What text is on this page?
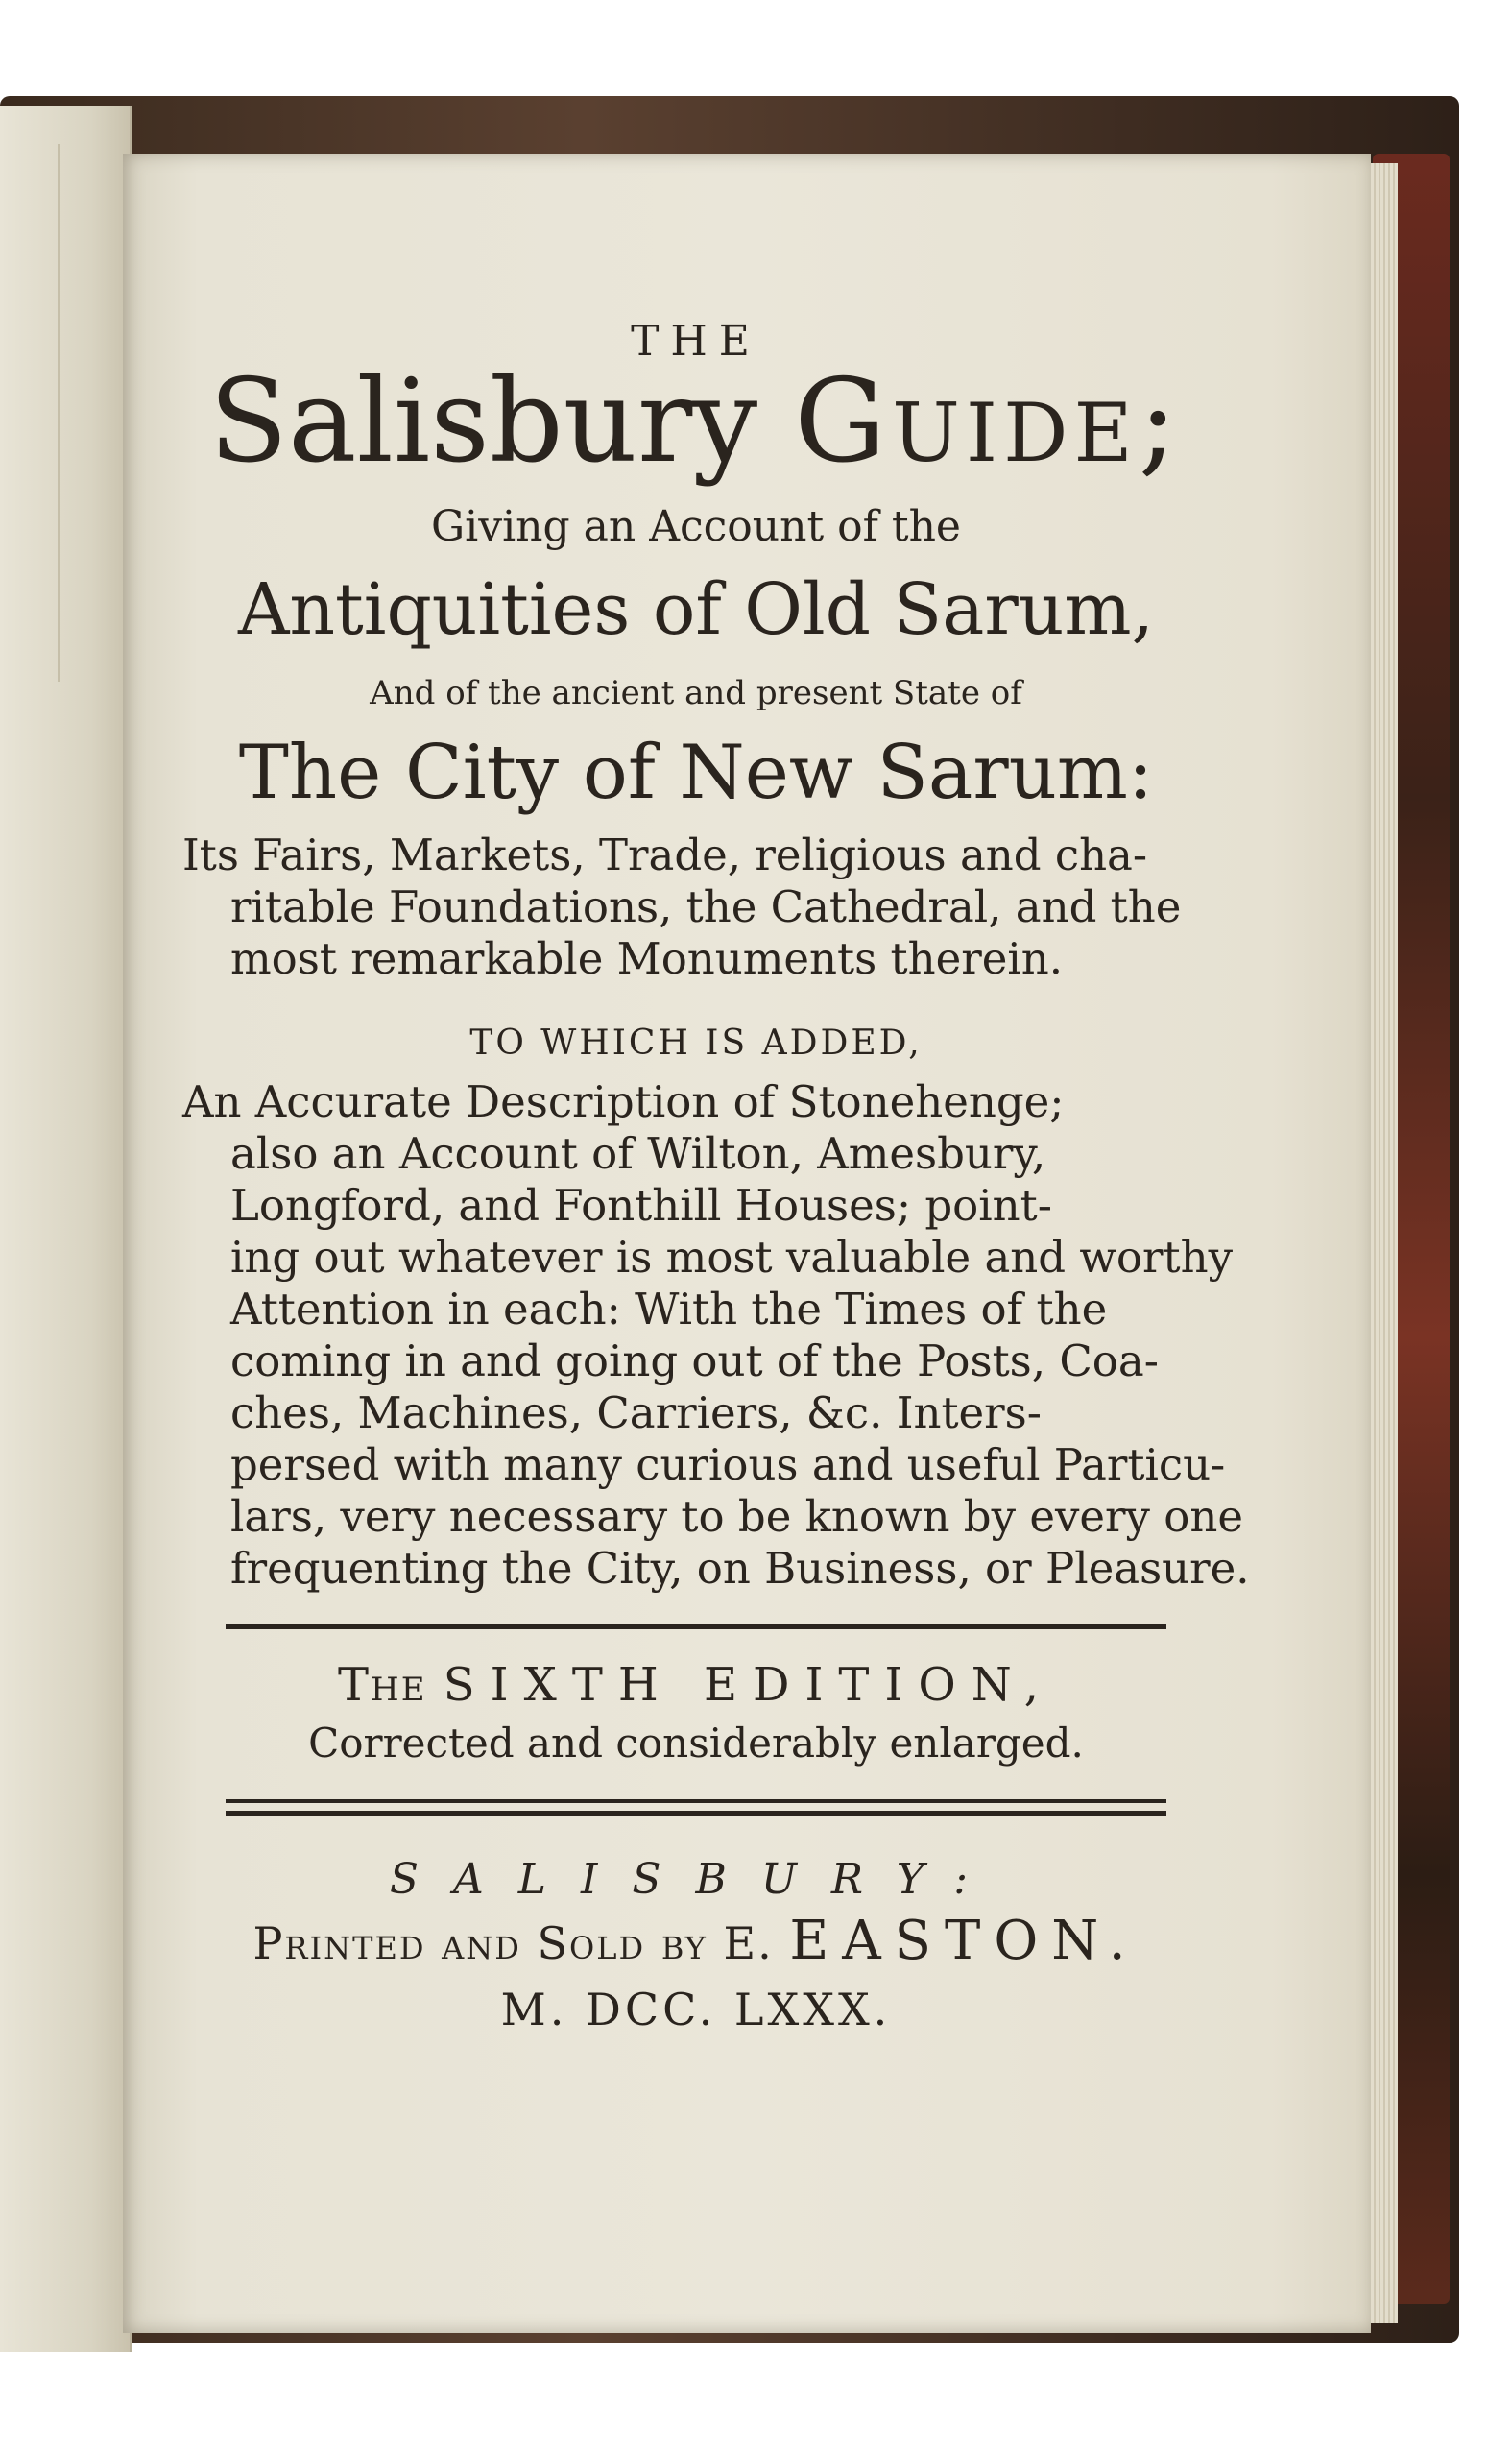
THE
Salisbury Guide;
Giving an Account of the
Antiquities of Old Sarum,
And of the ancient and present State of
The City of New Sarum:
Its Fairs, Markets, Trade, religious and cha-
ritable Foundations, the Cathedral, and the
most remarkable Monuments therein.
TO WHICH IS ADDED,
An Accurate Description of Stonehenge;
also an Account of Wilton, Amesbury,
Longford, and Fonthill Houses; point-
ing out whatever is most valuable and worthy
Attention in each: With the Times of the
coming in and going out of the Posts, Coa-
ches, Machines, Carriers, &c. Inters-
persed with many curious and useful Particu-
lars, very necessary to be known by every one
frequenting the City, on Business, or Pleasure.
The SIXTH EDITION,
Corrected and considerably enlarged.
SALISBURY:
Printed and Sold by E. EASTON.
M. DCC. LXXX.
